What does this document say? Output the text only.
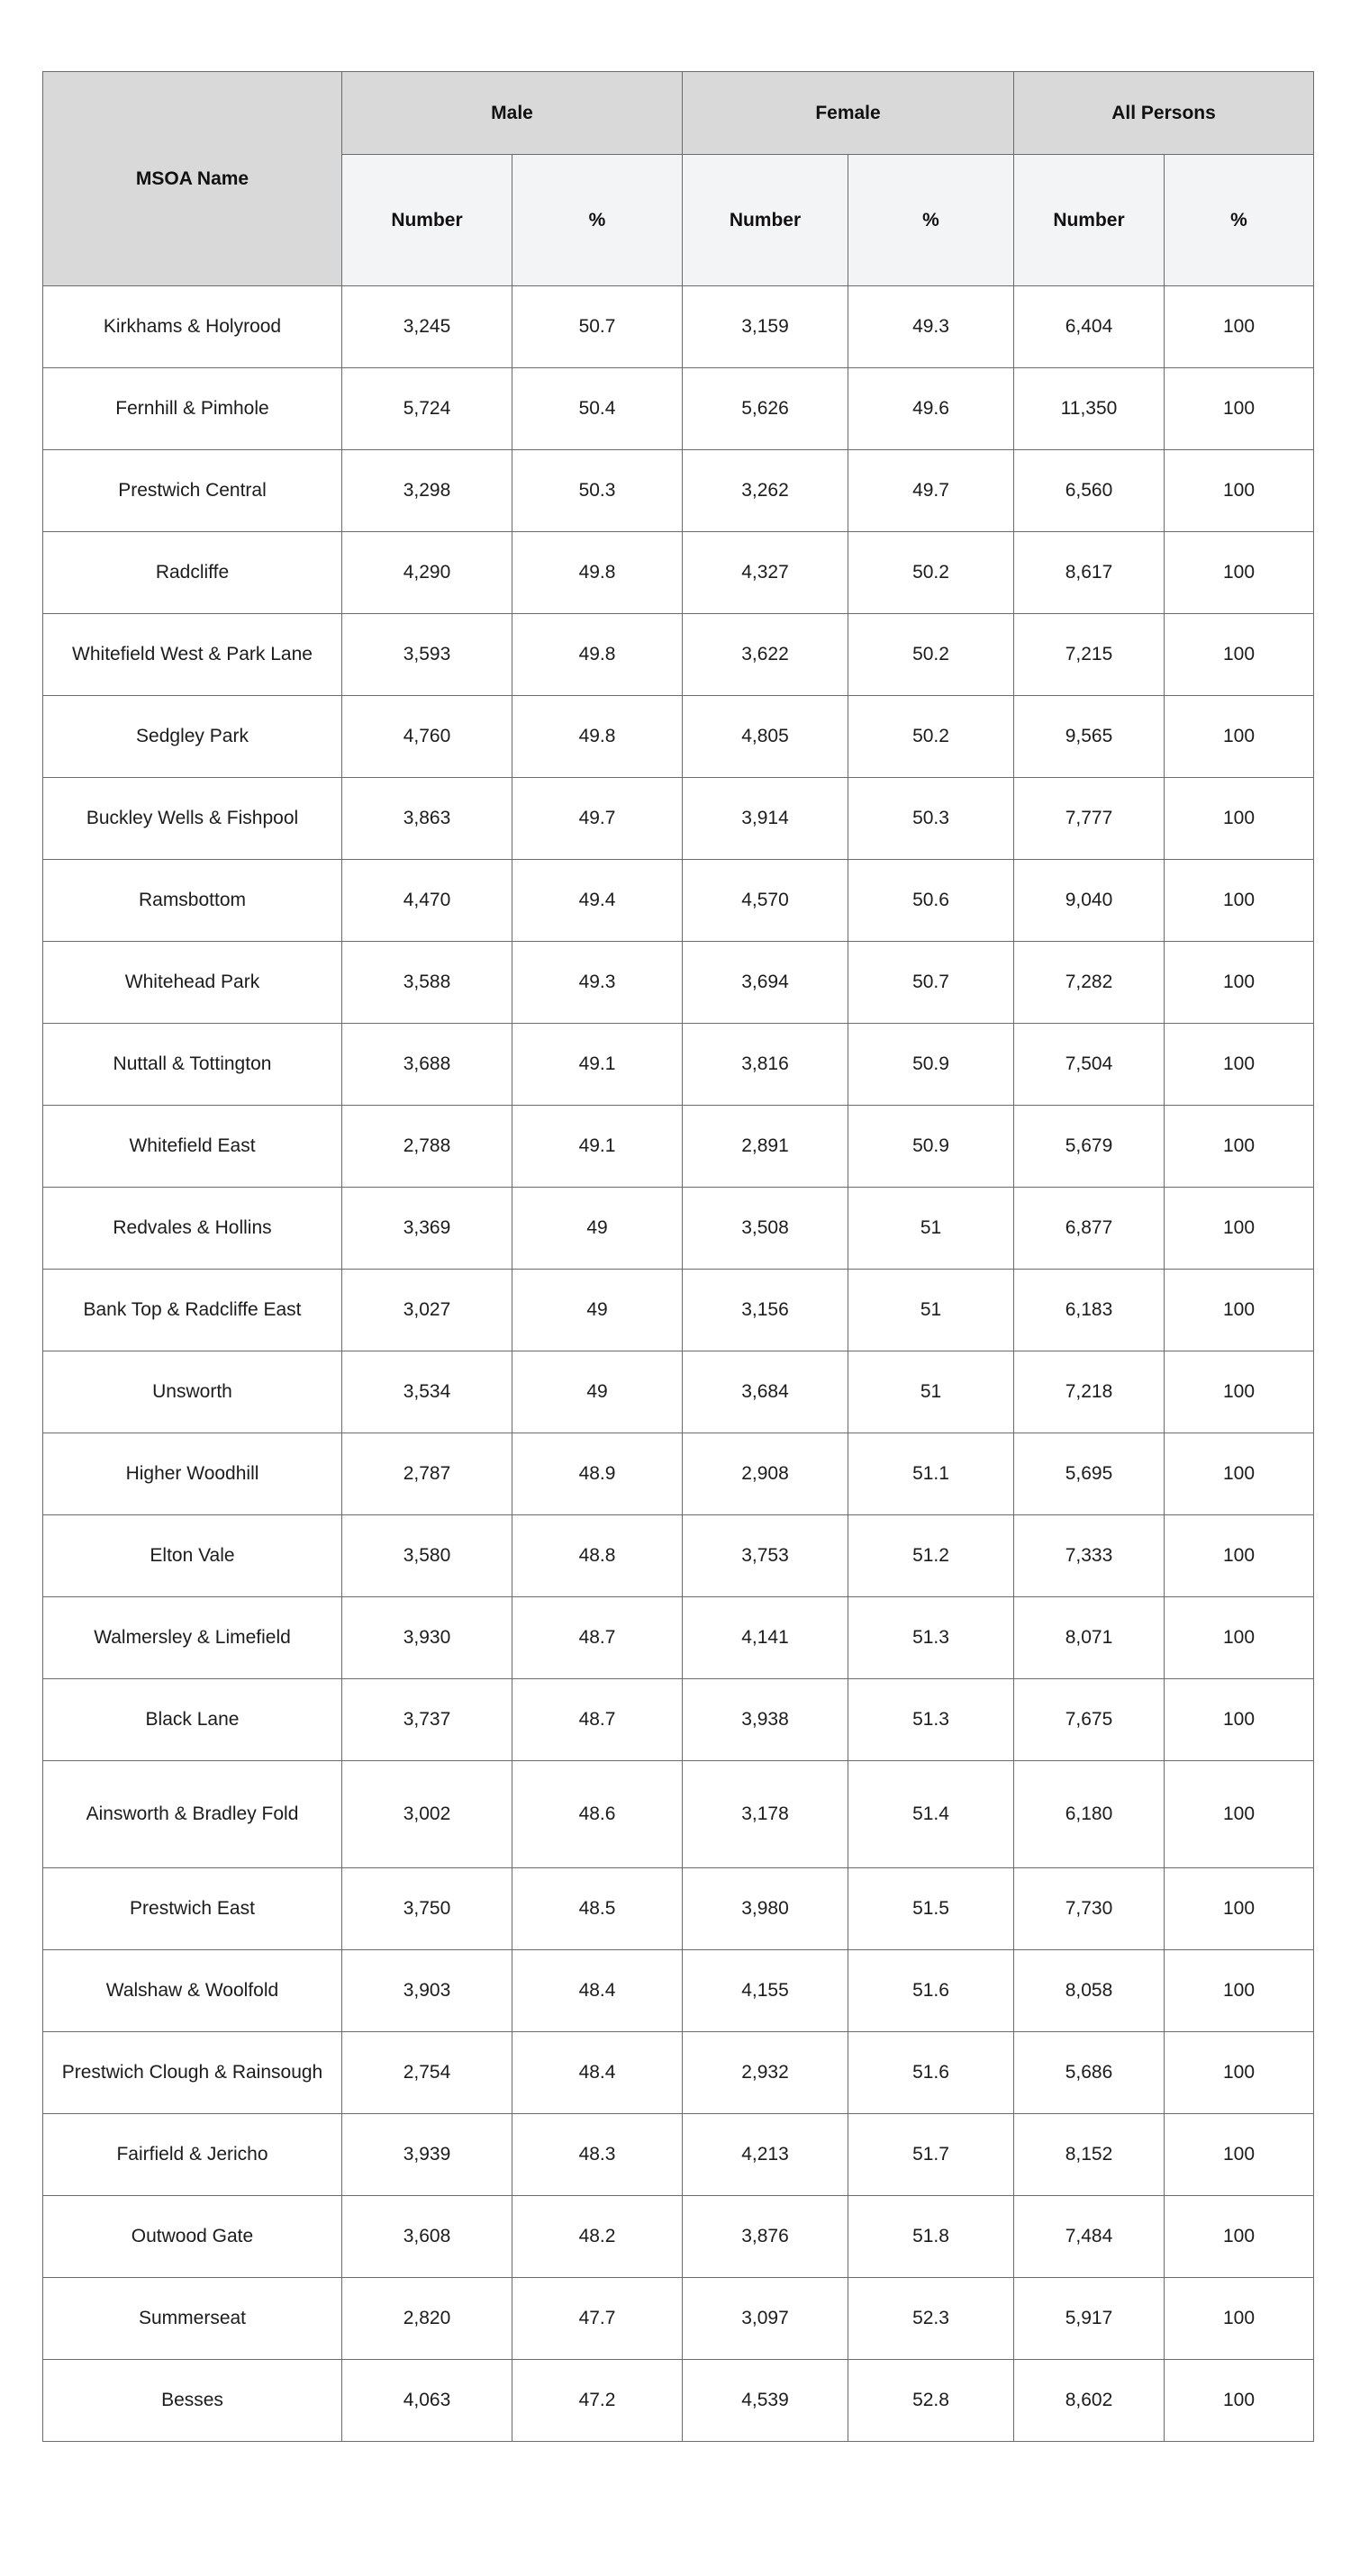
MSOA Name	Male		Female		All Persons	
	Number	%	Number	%	Number	%
Kirkhams & Holyrood	3,245	50.7	3,159	49.3	6,404	100
Fernhill & Pimhole	5,724	50.4	5,626	49.6	11,350	100
Prestwich Central	3,298	50.3	3,262	49.7	6,560	100
Radcliffe	4,290	49.8	4,327	50.2	8,617	100
Whitefield West & Park Lane	3,593	49.8	3,622	50.2	7,215	100
Sedgley Park	4,760	49.8	4,805	50.2	9,565	100
Buckley Wells & Fishpool	3,863	49.7	3,914	50.3	7,777	100
Ramsbottom	4,470	49.4	4,570	50.6	9,040	100
Whitehead Park	3,588	49.3	3,694	50.7	7,282	100
Nuttall & Tottington	3,688	49.1	3,816	50.9	7,504	100
Whitefield East	2,788	49.1	2,891	50.9	5,679	100
Redvales & Hollins	3,369	49	3,508	51	6,877	100
Bank Top & Radcliffe East	3,027	49	3,156	51	6,183	100
Unsworth	3,534	49	3,684	51	7,218	100
Higher Woodhill	2,787	48.9	2,908	51.1	5,695	100
Elton Vale	3,580	48.8	3,753	51.2	7,333	100
Walmersley & Limefield	3,930	48.7	4,141	51.3	8,071	100
Black Lane	3,737	48.7	3,938	51.3	7,675	100
Ainsworth & Bradley Fold	3,002	48.6	3,178	51.4	6,180	100
Prestwich East	3,750	48.5	3,980	51.5	7,730	100
Walshaw & Woolfold	3,903	48.4	4,155	51.6	8,058	100
Prestwich Clough & Rainsough	2,754	48.4	2,932	51.6	5,686	100
Fairfield & Jericho	3,939	48.3	4,213	51.7	8,152	100
Outwood Gate	3,608	48.2	3,876	51.8	7,484	100
Summerseat	2,820	47.7	3,097	52.3	5,917	100
Besses	4,063	47.2	4,539	52.8	8,602	100
